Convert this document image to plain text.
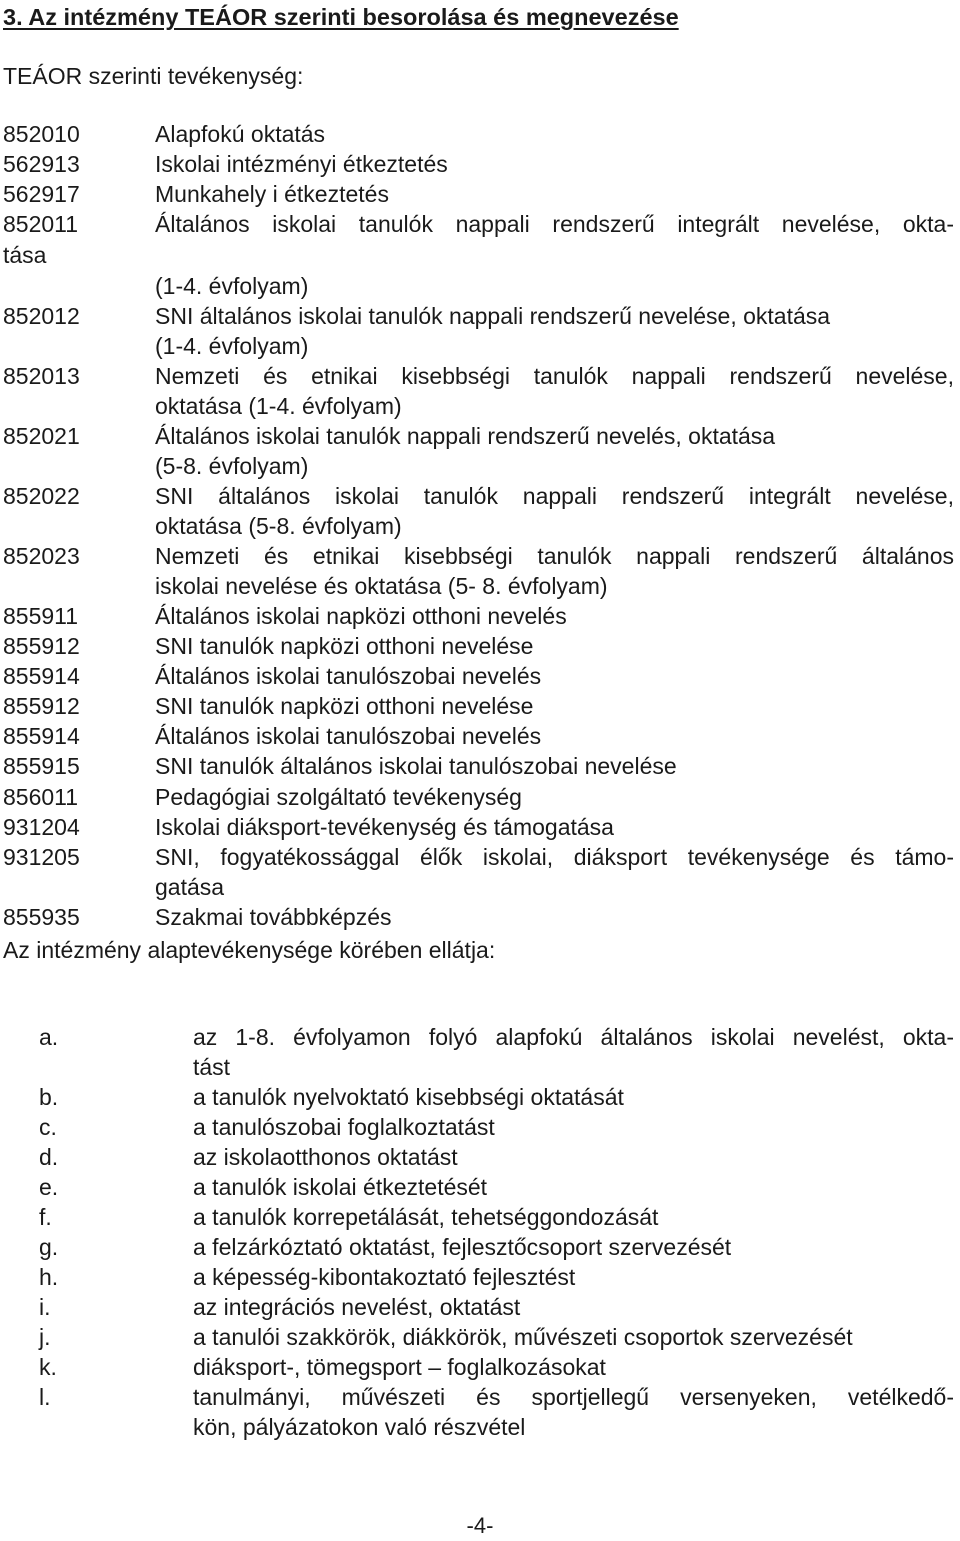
3. Az intézmény TEÁOR szerinti besorolása és megnevezése
TEÁOR szerinti tevékenység:
852010	Alapfokú oktatás
562913	Iskolai intézményi étkeztetés
562917	Munkahely i étkeztetés
852011	Általános iskolai tanulók nappali rendszerű integrált nevelése, okta-
tása
(1-4. évfolyam)
852012	SNI általános iskolai tanulók nappali rendszerű nevelése, oktatása
(1-4. évfolyam)
852013	Nemzeti és etnikai kisebbségi tanulók nappali rendszerű nevelése,
oktatása (1-4. évfolyam)
852021	Általános iskolai tanulók nappali rendszerű nevelés, oktatása
(5-8. évfolyam)
852022	SNI általános iskolai tanulók nappali rendszerű integrált nevelése,
oktatása (5-8. évfolyam)
852023	Nemzeti és etnikai kisebbségi tanulók nappali rendszerű általános
iskolai nevelése és oktatása (5- 8. évfolyam)
855911	Általános iskolai napközi otthoni nevelés
855912	SNI tanulók napközi otthoni nevelése
855914	Általános iskolai tanulószobai nevelés
855912	SNI tanulók napközi otthoni nevelése
855914	Általános iskolai tanulószobai nevelés
855915	SNI tanulók általános iskolai tanulószobai nevelése
856011	Pedagógiai szolgáltató tevékenység
931204	Iskolai diáksport-tevékenység és támogatása
931205	SNI, fogyatékossággal élők iskolai, diáksport tevékenysége és támo-
gatása
855935	Szakmai továbbképzés
Az intézmény alaptevékenysége körében ellátja:
a.	az 1-8. évfolyamon folyó alapfokú általános iskolai nevelést, okta-
tást
b.	a tanulók nyelvoktató kisebbségi oktatását
c.	a tanulószobai foglalkoztatást
d.	az iskolaotthonos oktatást
e.	a tanulók iskolai étkeztetését
f.	a tanulók korrepetálását, tehetséggondozását
g.	a felzárkóztató oktatást, fejlesztőcsoport szervezését
h.	a képesség-kibontakoztató fejlesztést
i.	az integrációs nevelést, oktatást
j.	a tanulói szakkörök, diákkörök, művészeti csoportok szervezését
k.	diáksport-, tömegsport – foglalkozásokat
l.	tanulmányi, művészeti és sportjellegű versenyeken, vetélkedő-
kön, pályázatokon való részvétel
-4-
